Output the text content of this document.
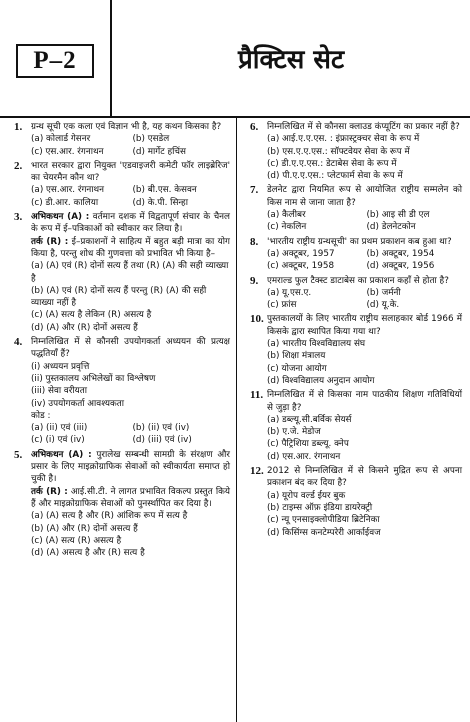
P–2	प्रैक्टिस सेट
1. ग्रन्थ सूची एक कला एवं विज्ञान भी है, यह कथन किसका है?
(a) कोलार्ड गेसनर	(b) एसडेल
(c) एस.आर. रंगनाथन	(d) मार्गेट हचिंस
2. भारत सरकार द्वारा नियुक्त 'एडवाइजरी कमेटी फॉर लाइब्रेरिज' का चेयरमैन कौन था?
(a) एस.आर. रंगनाथन	(b) बी.एस. केसवन
(c) डी.आर. कालिया	(d) के.पी. सिन्हा
3. अभिकथन (A) : वर्तमान दशक में विद्वतापूर्ण संचार के चैनल के रूप में ई–पत्रिकाओं को स्वीकार कर लिया है।
तर्क (R) : ई–प्रकाशनों ने साहित्य में बहुत बड़ी मात्रा का योग किया है, परन्तु शोध की गुणवत्ता को प्रभावित भी किया है–
(a) (A) एवं (R) दोनों सत्य हैं तथा (R) (A) की सही व्याख्या है
(b) (A) एवं (R) दोनों सत्य हैं परन्तु (R) (A) की सही व्याख्या नहीं है
(c) (A) सत्य है लेकिन (R) असत्य है
(d) (A) और (R) दोनों असत्य हैं
4. निम्नलिखित में से कौनसी उपयोगकर्ता अध्ययन की प्रत्यक्ष पद्धतियाँ हैं?
(i) अध्ययन प्रवृत्ति
(ii) पुस्तकालय अभिलेखों का विश्लेषण
(iii) सेवा वरीयता
(iv) उपयोगकर्ता आवश्यकता
कोड :
(a) (ii) एवं (iii)	(b) (ii) एवं (iv)
(c) (i) एवं (iv)	(d) (iii) एवं (iv)
5. अभिकथन (A) : पुरालेख सम्बन्धी सामग्री के संरक्षण और प्रसार के लिए माइक्रोग्राफिक सेवाओं को स्वीकार्यता समाप्त हो चुकी है।
तर्क (R) : आई.सी.टी. ने लागत प्रभावित विकल्प प्रस्तुत किये हैं और माइक्रोग्राफिक सेवाओं को पुनर्स्थापित कर दिया है।
(a) (A) सत्य है और (R) आंशिक रूप में सत्य है
(b) (A) और (R) दोनों असत्य हैं
(c) (A) सत्य (R) असत्य है
(d) (A) असत्य है और (R) सत्य है
6. निम्नलिखित में से कौनसा क्लाउड कंप्यूटिंग का प्रकार नहीं है?
(a) आई.ए.ए.एस. : इंफ्रास्ट्रक्चर सेवा के रूप में
(b) एस.ए.ए.एस.: सॉफ्टवेयर सेवा के रूप में
(c) डी.ए.ए.एस.: डेटाबेस सेवा के रूप में
(d) पी.ए.ए.एस.: प्लेटफार्म सेवा के रूप में
7. डेलनेट द्वारा नियमित रूप से आयोजित राष्ट्रीय सम्मलेन को किस नाम से जाना जाता है?
(a) कैलीबर	(b) आइ सी डी एल
(c) नेकलिन	(d) डेलनेटकोन
8. 'भारतीय राष्ट्रीय ग्रन्थसूची' का प्रथम प्रकाशन कब हुआ था?
(a) अक्टूबर, 1957	(b) अक्टूबर, 1954
(c) अक्टूबर, 1958	(d) अक्टूबर, 1956
9. एमराल्ड फुल टैक्स्ट डाटाबेस का प्रकाशन कहाँ से होता है?
(a) यू.एस.ए.	(b) जर्मनी
(c) फ्रांस	(d) यू.के.
10. पुस्तकालयों के लिए भारतीय राष्ट्रीय सलाहकार बोर्ड 1966 में किसके द्वारा स्थापित किया गया था?
(a) भारतीय विश्वविद्यालय संघ
(b) शिक्षा मंत्रालय
(c) योजना आयोग
(d) विश्वविद्यालय अनुदान आयोग
11. निम्नलिखित में से किसका नाम पाठकीय शिक्षण गतिविधियों से जुड़ा है?
(a) डब्ल्यू.सी.बर्विक सेयर्स
(b) ए.जे. मेडोज
(c) पैट्रिशिया डब्ल्यू. क्नेप
(d) एस.आर. रंगनाथन
12. 2012 से निम्नलिखित में से किसने मुद्रित रूप से अपना प्रकाशन बंद कर दिया है?
(a) यूरोप वर्ल्ड ईयर बुक
(b) टाइम्स ऑफ़ इंडिया डायरेक्ट्री
(c) न्यू एनसाइक्लोपीडिया ब्रिटेनिका
(d) किसिंग्स कनटेम्परेरी आर्काईवज
